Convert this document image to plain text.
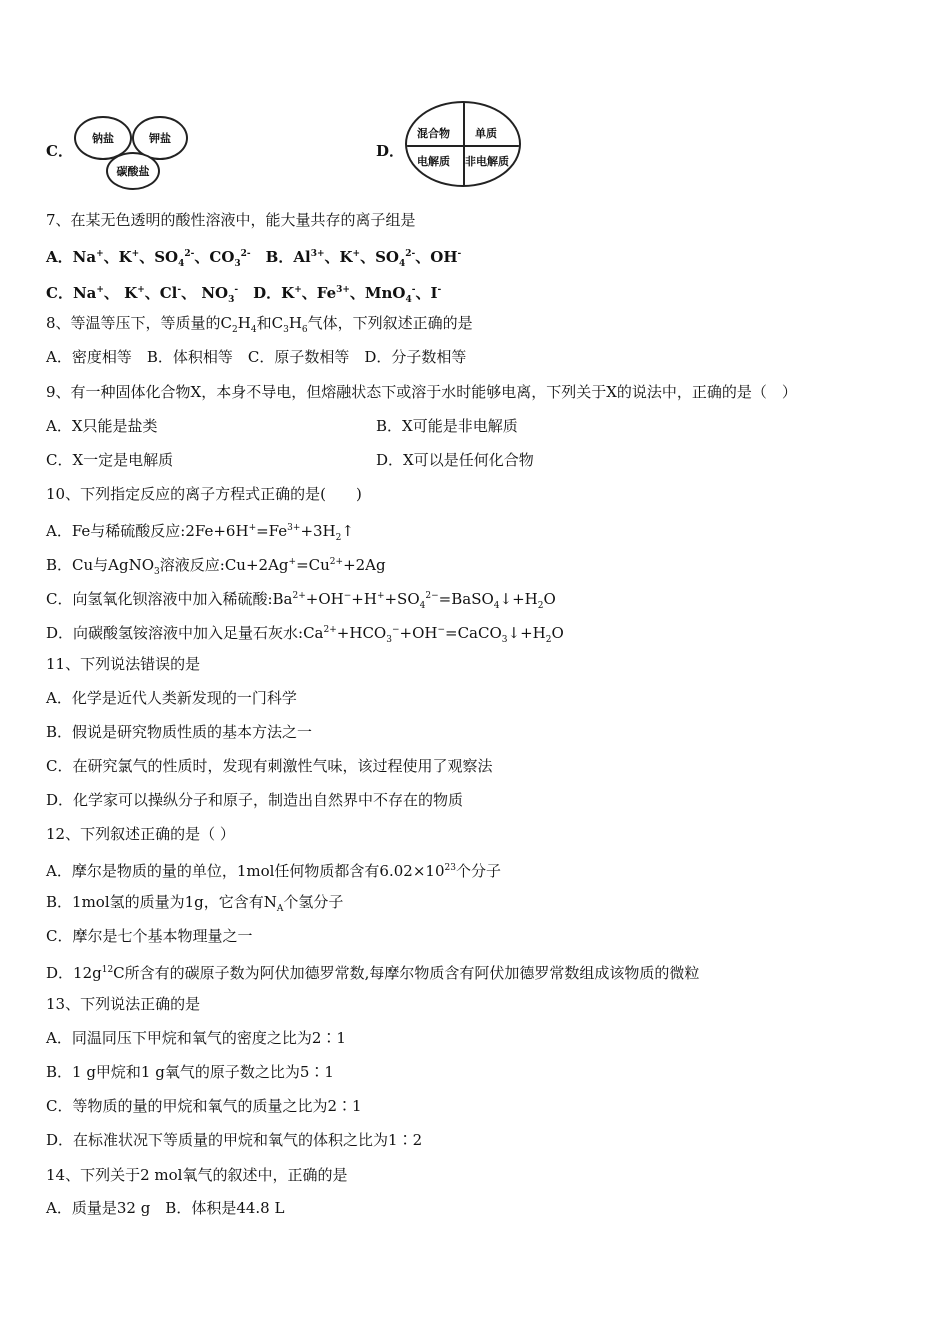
C．
钠盐	钾盐
碳酸盐
D．
混合物 单质
电解质 非电解质
7、在某无色透明的酸性溶液中，能大量共存的离子组是
A．Na+、K+、$SO_4^{2-}$、$CO_3^{2-}$　B．$Al^{3+}$、K+、$SO_4^{2-}$、OH-
C．Na+、 K+、Cl-、 $NO_3^-$　D．K+、$Fe^{3+}$、MnO$_4$-、I-
8、等温等压下，等质量的$C_2H_4$和$C_3H_6$气体，下列叙述正确的是
A．密度相等　B．体积相等　C．原子数相等　D．分子数相等
9、有一种固体化合物X，本身不导电，但熔融状态下或溶于水时能够电离，下列关于X的说法中，正确的是（　）
A．X只能是盐类	B．X可能是非电解质
C．X一定是电解质	D．X可以是任何化合物
10、下列指定反应的离子方程式正确的是(　　)
A．Fe与稀硫酸反应$:2Fe+6H^+=Fe^{3+}+3H_2↑$
B．Cu与AgNO$_3$溶液反应$:Cu+2Ag^+=Cu^{2+}+2Ag$
C．向氢氧化钡溶液中加入稀硫酸$:Ba^{2+}+OH^-+H^++SO_4^{2-}=BaSO_4↓+H_2O$
D．向碳酸氢铵溶液中加入足量石灰水$:Ca^{2+}+HCO_3^-+OH^-=CaCO_3↓+H_2O$
11、下列说法错误的是
A．化学是近代人类新发现的一门科学
B．假说是研究物质性质的基本方法之一
C．在研究氯气的性质时，发现有刺激性气味，该过程使用了观察法
D．化学家可以操纵分子和原子，制造出自然界中不存在的物质
12、下列叙述正确的是（ ）
A．摩尔是物质的量的单位，1mol任何物质都含有$6.02\times 10^{23}$个分子
B．1mol氢的质量为1g，它含有$N_A$个氢分子
C．摩尔是七个基本物理量之一
D．$12g^{12}C$所含有的碳原子数为阿伏加德罗常数,每摩尔物质含有阿伏加德罗常数组成该物质的微粒
13、下列说法正确的是
A．同温同压下甲烷和氧气的密度之比为2∶1
B．1 g甲烷和1 g氧气的原子数之比为5∶1
C．等物质的量的甲烷和氧气的质量之比为2∶1
D．在标准状况下等质量的甲烷和氧气的体积之比为1∶2
14、下列关于2 mol氧气的叙述中，正确的是
A．质量是32 g　B．体积是44.8 L
